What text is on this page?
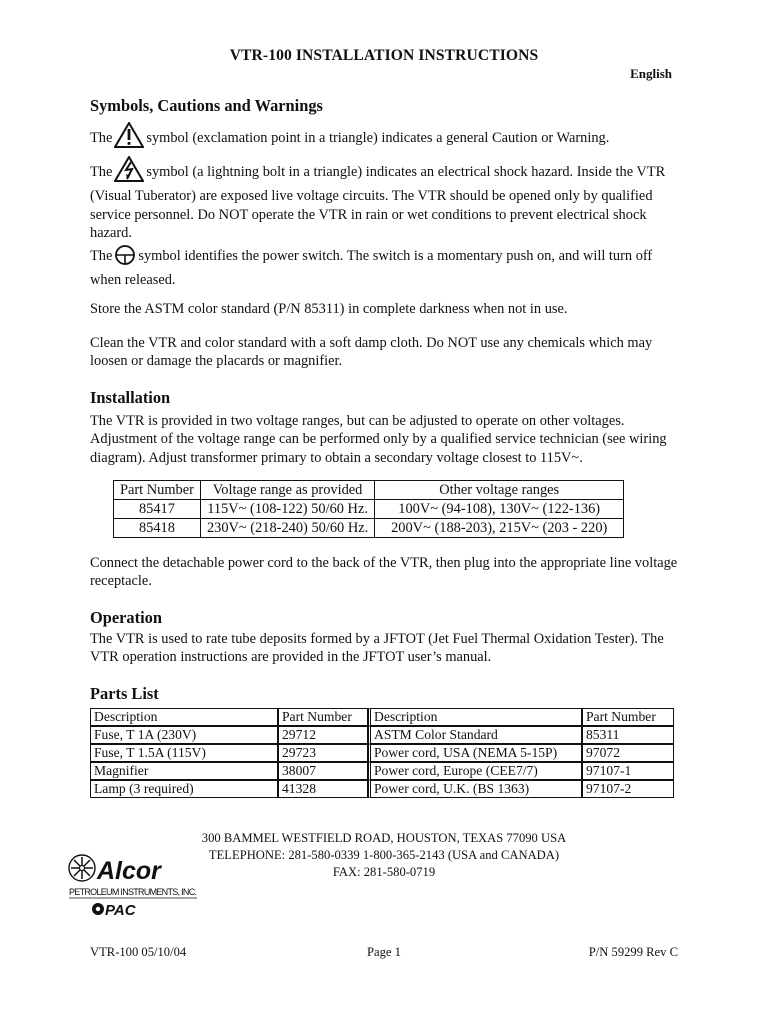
VTR-100 INSTALLATION INSTRUCTIONS
English
Symbols, Cautions and Warnings

The symbol (exclamation point in a triangle) indicates a general Caution or Warning.

The symbol (a lightning bolt in a triangle) indicates an electrical shock hazard. Inside the VTR (Visual Tuberator) are exposed live voltage circuits. The VTR should be opened only by qualified service personnel. Do NOT operate the VTR in rain or wet conditions to prevent electrical shock hazard.

The symbol identifies the power switch. The switch is a momentary push on, and will turn off when released.

Store the ASTM color standard (P/N 85311) in complete darkness when not in use.

Clean the VTR and color standard with a soft damp cloth. Do NOT use any chemicals which may loosen or damage the placards or magnifier.

Installation

The VTR is provided in two voltage ranges, but can be adjusted to operate on other voltages. Adjustment of the voltage range can be performed only by a qualified service technician (see wiring diagram). Adjust transformer primary to obtain a secondary voltage closest to 115V~.

Part Number	Voltage range as provided	Other voltage ranges
85417	115V~ (108-122) 50/60 Hz.	100V~ (94-108), 130V~ (122-136)
85418	230V~ (218-240) 50/60 Hz.	200V~ (188-203), 215V~ (203 - 220)

Connect the detachable power cord to the back of the VTR, then plug into the appropriate line voltage receptacle.

Operation

The VTR is used to rate tube deposits formed by a JFTOT (Jet Fuel Thermal Oxidation Tester). The VTR operation instructions are provided in the JFTOT user’s manual.

Parts List
Description	Part Number	Description	Part Number
Fuse, T 1A (230V)	29712	ASTM Color Standard	85311
Fuse, T 1.5A (115V)	29723	Power cord, USA (NEMA 5-15P)	97072
Magnifier	38007	Power cord, Europe (CEE7/7)	97107-1
Lamp (3 required)	41328	Power cord, U.K. (BS 1363)	97107-2
300 BAMMEL WESTFIELD ROAD, HOUSTON, TEXAS 77090 USA
TELEPHONE: 281-580-0339 1-800-365-2143 (USA and CANADA)
FAX: 281-580-0719
Alcor
PETROLEUM INSTRUMENTS, INC.
PAC
VTR-100 05/10/04	Page 1	P/N 59299 Rev C
